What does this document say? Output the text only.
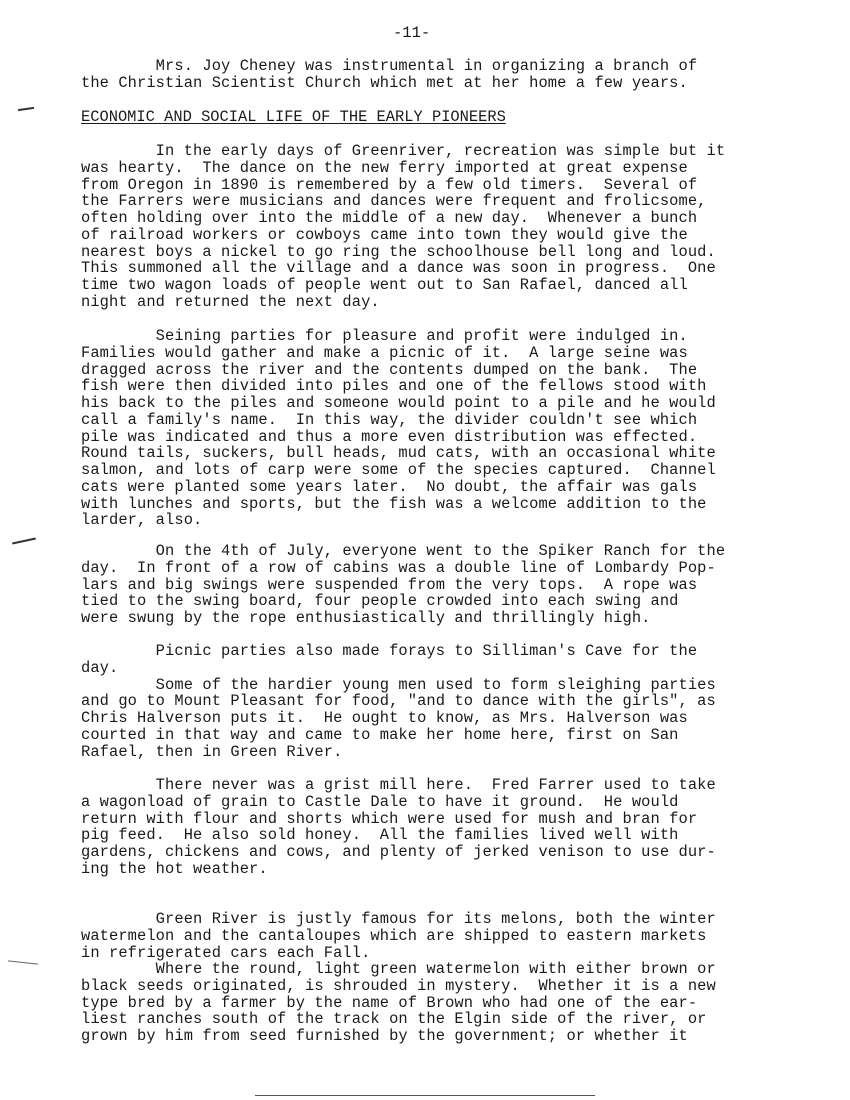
-11-
ECONOMIC AND SOCIAL LIFE OF THE EARLY PIONEERS
Mrs. Joy Cheney was instrumental in organizing a branch of
the Christian Scientist Church which met at her home a few years.
In the early days of Greenriver, recreation was simple but it
was hearty.  The dance on the new ferry imported at great expense
from Oregon in 1890 is remembered by a few old timers.  Several of
the Farrers were musicians and dances were frequent and frolicsome,
often holding over into the middle of a new day.  Whenever a bunch
of railroad workers or cowboys came into town they would give the
nearest boys a nickel to go ring the schoolhouse bell long and loud.
This summoned all the village and a dance was soon in progress.  One
time two wagon loads of people went out to San Rafael, danced all
night and returned the next day.
Seining parties for pleasure and profit were indulged in.
Families would gather and make a picnic of it.  A large seine was
dragged across the river and the contents dumped on the bank.  The
fish were then divided into piles and one of the fellows stood with
his back to the piles and someone would point to a pile and he would
call a family's name.  In this way, the divider couldn't see which
pile was indicated and thus a more even distribution was effected.
Round tails, suckers, bull heads, mud cats, with an occasional white
salmon, and lots of carp were some of the species captured.  Channel
cats were planted some years later.  No doubt, the affair was gals
with lunches and sports, but the fish was a welcome addition to the
larder, also.
On the 4th of July, everyone went to the Spiker Ranch for the
day.  In front of a row of cabins was a double line of Lombardy Pop-
lars and big swings were suspended from the very tops.  A rope was
tied to the swing board, four people crowded into each swing and
were swung by the rope enthusiastically and thrillingly high.
Picnic parties also made forays to Silliman's Cave for the
day.
Some of the hardier young men used to form sleighing parties
and go to Mount Pleasant for food, "and to dance with the girls", as
Chris Halverson puts it.  He ought to know, as Mrs. Halverson was
courted in that way and came to make her home here, first on San
Rafael, then in Green River.
There never was a grist mill here.  Fred Farrer used to take
a wagonload of grain to Castle Dale to have it ground.  He would
return with flour and shorts which were used for mush and bran for
pig feed.  He also sold honey.  All the families lived well with
gardens, chickens and cows, and plenty of jerked venison to use dur-
ing the hot weather.
Green River is justly famous for its melons, both the winter
watermelon and the cantaloupes which are shipped to eastern markets
in refrigerated cars each Fall.
Where the round, light green watermelon with either brown or
black seeds originated, is shrouded in mystery.  Whether it is a new
type bred by a farmer by the name of Brown who had one of the ear-
liest ranches south of the track on the Elgin side of the river, or
grown by him from seed furnished by the government; or whether it
